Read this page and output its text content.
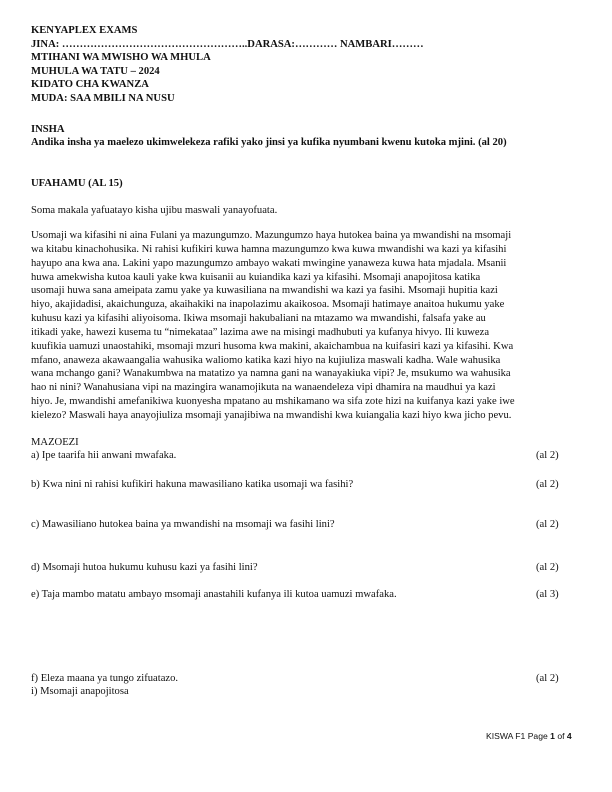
KENYAPLEX EXAMS
JINA: ……………………………………………..DARASA:………… NAMBARI………
MTIHANI WA MWISHO WA MHULA
MUHULA WA TATU – 2024
KIDATO CHA KWANZA
MUDA: SAA MBILI NA NUSU
INSHA
Andika insha ya maelezo ukimwelekeza rafiki yako jinsi ya kufika nyumbani kwenu kutoka mjini. (al 20)
UFAHAMU (AL 15)
Soma makala yafuatayo kisha ujibu maswali yanayofuata.
Usomaji wa kifasihi ni aina Fulani ya mazungumzo. Mazungumzo haya hutokea baina ya mwandishi na msomaji
wa kitabu kinachohusika. Ni rahisi kufikiri kuwa hamna mazungumzo kwa kuwa mwandishi wa kazi ya kifasihi
hayupo ana kwa ana. Lakini yapo mazungumzo ambayo wakati mwingine yanaweza kuwa hata mjadala. Msanii
huwa amekwisha kutoa kauli yake kwa kuisanii au kuiandika kazi ya kifasihi. Msomaji anapojitosa katika
usomaji huwa sana ameipata zamu yake ya kuwasiliana na mwandishi wa kazi ya fasihi. Msomaji hupitia kazi
hiyo, akajidadisi, akaichunguza, akaihakiki na inapolazimu akaikosoa. Msomaji hatimaye anaitoa hukumu yake
kuhusu kazi ya kifasihi aliyoisoma. Ikiwa msomaji hakubaliani na mtazamo wa mwandishi, falsafa yake au
itikadi yake, hawezi kusema tu “nimekataa” lazima awe na misingi madhubuti ya kufanya hivyo. Ili kuweza
kuufikia uamuzi unaostahiki, msomaji mzuri husoma kwa makini, akaichambua na kuifasiri kazi ya kifasihi. Kwa
mfano, anaweza akawaangalia wahusika waliomo katika kazi hiyo na kujiuliza maswali kadha. Wale wahusika
wana mchango gani? Wanakumbwa na matatizo ya namna gani na wanayakiuka vipi? Je, msukumo wa wahusika
hao ni nini? Wanahusiana vipi na mazingira wanamojikuta na wanaendeleza vipi dhamira na maudhui ya kazi
hiyo. Je, mwandishi amefanikiwa kuonyesha mpatano au mshikamano wa sifa zote hizi na kuifanya kazi yake iwe
kielezo? Maswali haya anayojiuliza msomaji yanajibiwa na mwandishi kwa kuiangalia kazi hiyo kwa jicho pevu.
MAZOEZI
a) Ipe taarifa hii anwani mwafaka.	(al 2)
b) Kwa nini ni rahisi kufikiri hakuna mawasiliano katika usomaji wa fasihi?	(al 2)
c) Mawasiliano hutokea baina ya mwandishi na msomaji wa fasihi lini?	(al 2)
d) Msomaji hutoa hukumu kuhusu kazi ya fasihi lini?	(al 2)
e) Taja mambo matatu ambayo msomaji anastahili kufanya ili kutoa uamuzi mwafaka.	(al 3)
f) Eleza maana ya tungo zifuatazo.	(al 2)
i) Msomaji anapojitosa
KISWA F1 Page 1 of 4
